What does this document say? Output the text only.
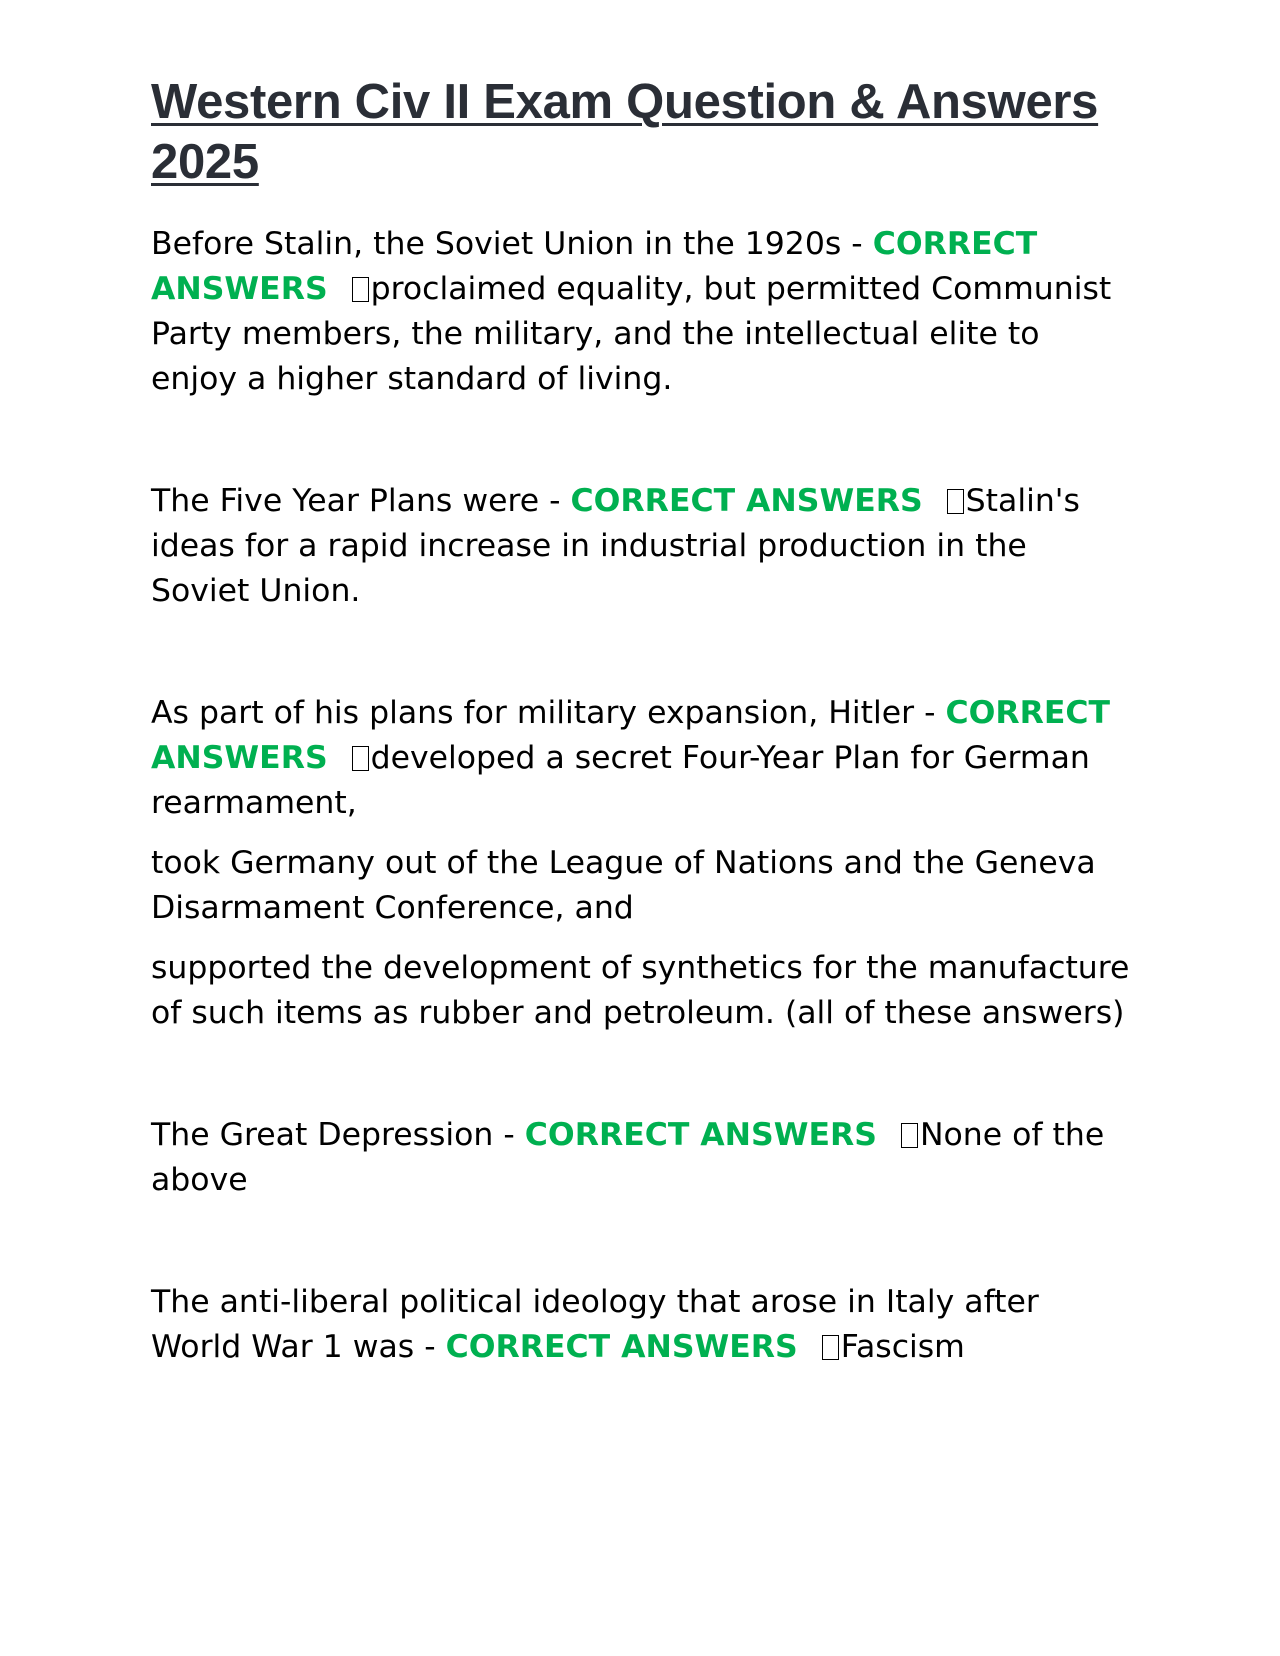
Western Civ II Exam Question & Answers 2025

Before Stalin, the Soviet Union in the 1920s - CORRECT ANSWERS proclaimed equality, but permitted Communist Party members, the military, and the intellectual elite to enjoy a higher standard of living.

The Five Year Plans were - CORRECT ANSWERS Stalin's ideas for a rapid increase in industrial production in the Soviet Union.

As part of his plans for military expansion, Hitler - CORRECT ANSWERS developed a secret Four-Year Plan for German rearmament,

took Germany out of the League of Nations and the Geneva Disarmament Conference, and

supported the development of synthetics for the manufacture of such items as rubber and petroleum. (all of these answers)

The Great Depression - CORRECT ANSWERS None of the above

The anti-liberal political ideology that arose in Italy after World War 1 was - CORRECT ANSWERS Fascism
